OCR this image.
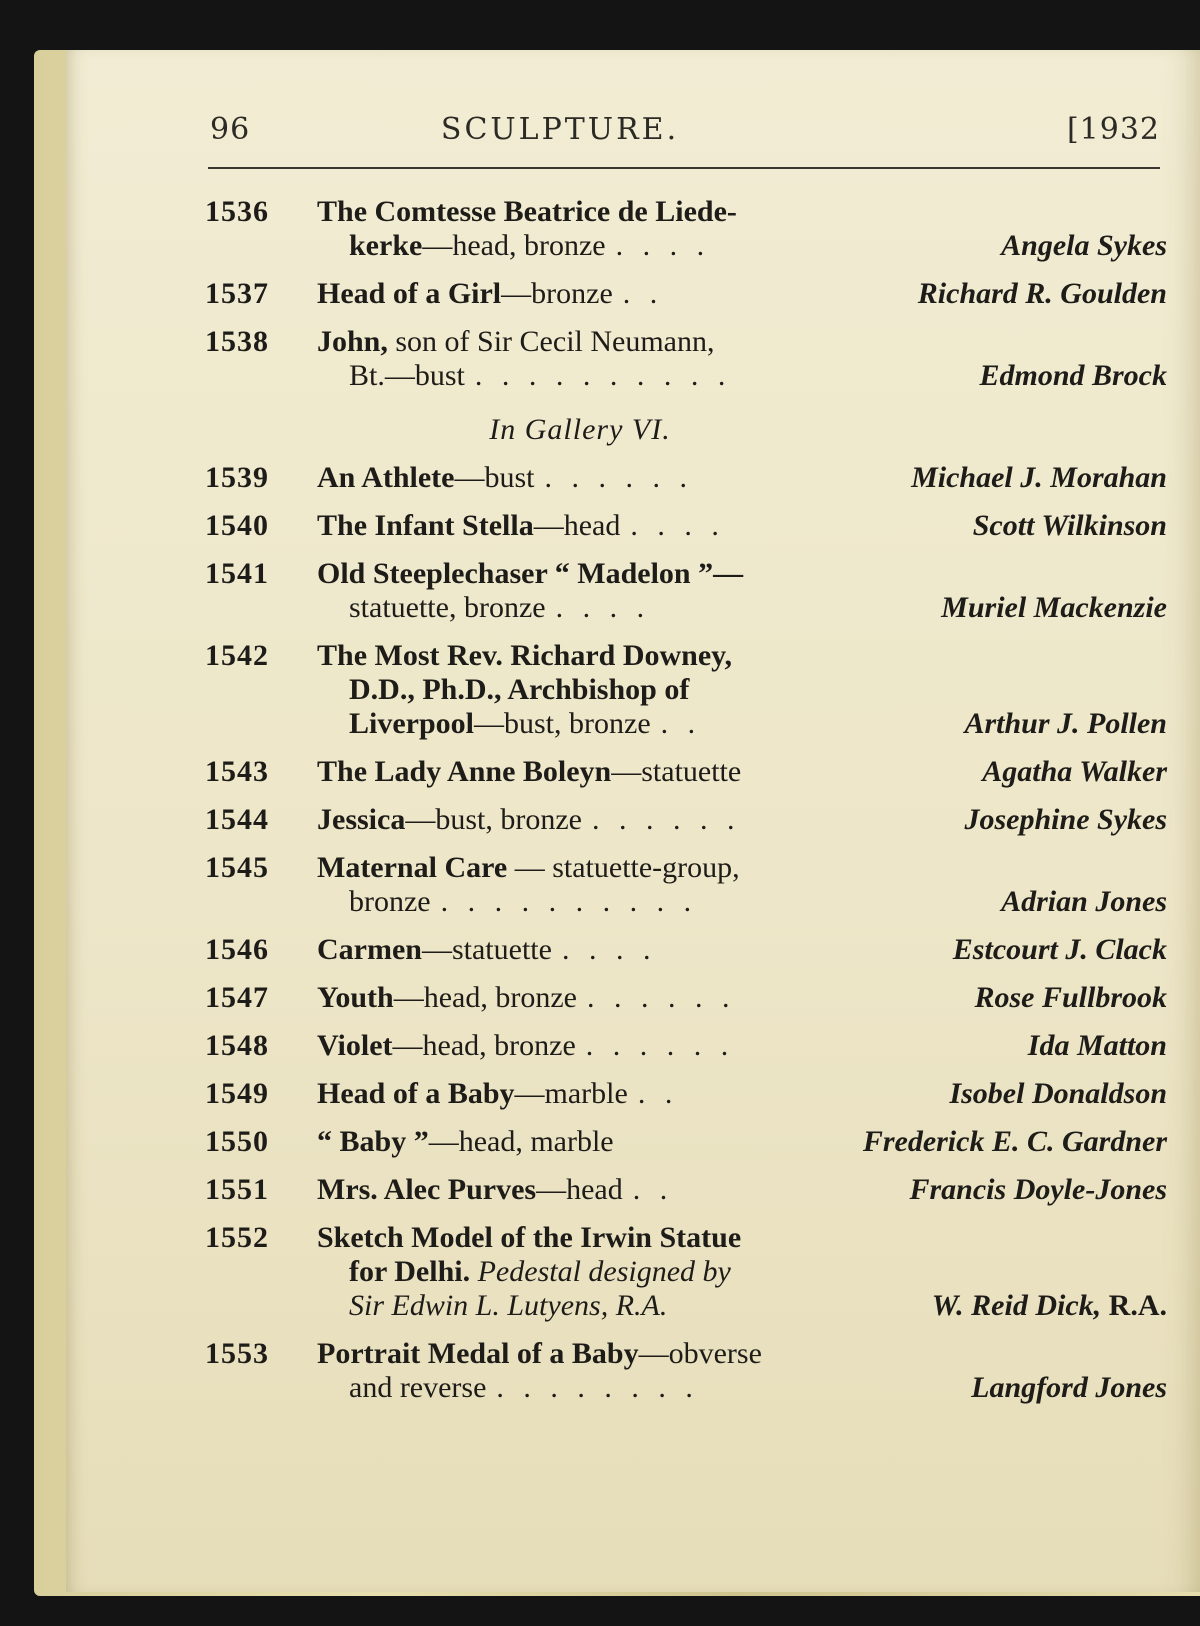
96	SCULPTURE.	[1932
1536 The Comtesse Beatrice de Liede-
kerke—head, bronze . . . .	Angela Sykes
1537 Head of a Girl—bronze . .	Richard R. Goulden
1538 John, son of Sir Cecil Neumann,
Bt.—bust . . . . . . . . . .	Edmond Brock
In Gallery VI.
1539 An Athlete—bust . . . . . .	Michael J. Morahan
1540 The Infant Stella—head . . . .	Scott Wilkinson
1541 Old Steeplechaser “ Madelon ”—
statuette, bronze . . . .	Muriel Mackenzie
1542 The Most Rev. Richard Downey,
D.D., Ph.D., Archbishop of
Liverpool—bust, bronze . .	Arthur J. Pollen
1543 The Lady Anne Boleyn—statuette	Agatha Walker
1544 Jessica—bust, bronze . . . . . .	Josephine Sykes
1545 Maternal Care — statuette-group,
bronze . . . . . . . . . .	Adrian Jones
1546 Carmen—statuette . . . .	Estcourt J. Clack
1547 Youth—head, bronze . . . . . .	Rose Fullbrook
1548 Violet—head, bronze . . . . . .	Ida Matton
1549 Head of a Baby—marble . .	Isobel Donaldson
1550 “ Baby ”—head, marble	Frederick E. C. Gardner
1551 Mrs. Alec Purves—head . .	Francis Doyle-Jones
1552 Sketch Model of the Irwin Statue
for Delhi. Pedestal designed by
Sir Edwin L. Lutyens, R.A.	W. Reid Dick, R.A.
1553 Portrait Medal of a Baby—obverse
and reverse . . . . . . . .	Langford Jones
